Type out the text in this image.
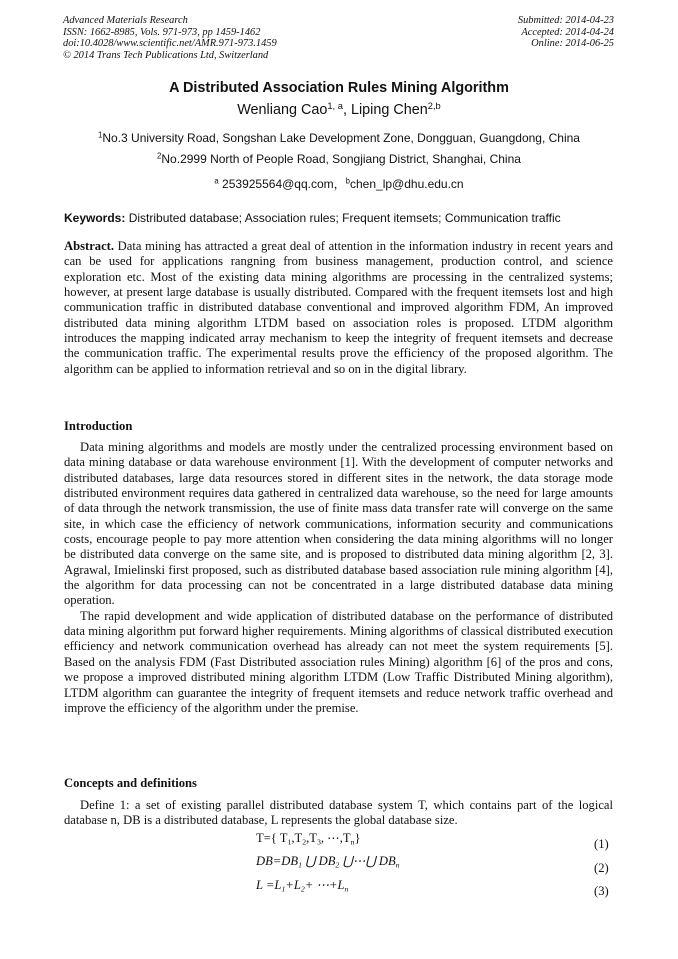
Advanced Materials Research
ISSN: 1662-8985, Vols. 971-973, pp 1459-1462
doi:10.4028/www.scientific.net/AMR.971-973.1459
© 2014 Trans Tech Publications Ltd, Switzerland
Submitted: 2014-04-23
Accepted: 2014-04-24
Online: 2014-06-25
A Distributed Association Rules Mining Algorithm
Wenliang Cao$^{1, a}$, Liping Chen$^{2,b}$
$^1$No.3 University Road, Songshan Lake Development Zone, Dongguan, Guangdong, China
$^2$No.2999 North of People Road, Songjiang District, Shanghai, China
$^a$ 253925564@qq.com，$^b$chen_lp@dhu.edu.cn
Keywords: Distributed database; Association rules; Frequent itemsets; Communication traffic

Abstract. Data mining has attracted a great deal of attention in the information industry in recent years and can be used for applications rangning from business management, production control, and science exploration etc. Most of the existing data mining algorithms are processing in the centralized systems; however, at present large database is usually distributed. Compared with the frequent itemsets lost and high communication traffic in distributed database conventional and improved algorithm FDM, An improved distributed data mining algorithm LTDM based on association roles is proposed. LTDM algorithm introduces the mapping indicated array mechanism to keep the integrity of frequent itemsets and decrease the communication traffic. The experimental results prove the efficiency of the proposed algorithm. The algorithm can be applied to information retrieval and so on in the digital library.

Introduction

Data mining algorithms and models are mostly under the centralized processing environment based on data mining database or data warehouse environment [1]. With the development of computer networks and distributed databases, large data resources stored in different sites in the network, the data storage mode distributed environment requires data gathered in centralized data warehouse, so the need for large amounts of data through the network transmission, the use of finite mass data transfer rate will converge on the same site, in which case the efficiency of network communications, information security and communications costs, encourage people to pay more attention when considering the data mining algorithms will no longer be distributed data converge on the same site, and is proposed to distributed data mining algorithm [2, 3]. Agrawal, Imielinski first proposed, such as distributed database based association rule mining algorithm [4], the algorithm for data processing can not be concentrated in a large distributed database data mining operation.

The rapid development and wide application of distributed database on the performance of distributed data mining algorithm put forward higher requirements. Mining algorithms of classical distributed execution efficiency and network communication overhead has already can not meet the system requirements [5]. Based on the analysis FDM (Fast Distributed association rules Mining) algorithm [6] of the pros and cons, we propose a improved distributed mining algorithm LTDM (Low Traffic Distributed Mining algorithm), LTDM algorithm can guarantee the integrity of frequent itemsets and reduce network traffic overhead and improve the efficiency of the algorithm under the premise.

Concepts and definitions

Define 1: a set of existing parallel distributed database system T, which contains part of the logical database n, DB is a distributed database, L represents the global database size.

T={ $T_1,T_2,T_3$, $\cdots,T_n$}	(1)
$DB=DB_1$ ⋃ $DB_2$ ⋃⋯⋃ $DB_n$	(2)
$L =L_1+L_2+$ $\cdots+L_n$	(3)
